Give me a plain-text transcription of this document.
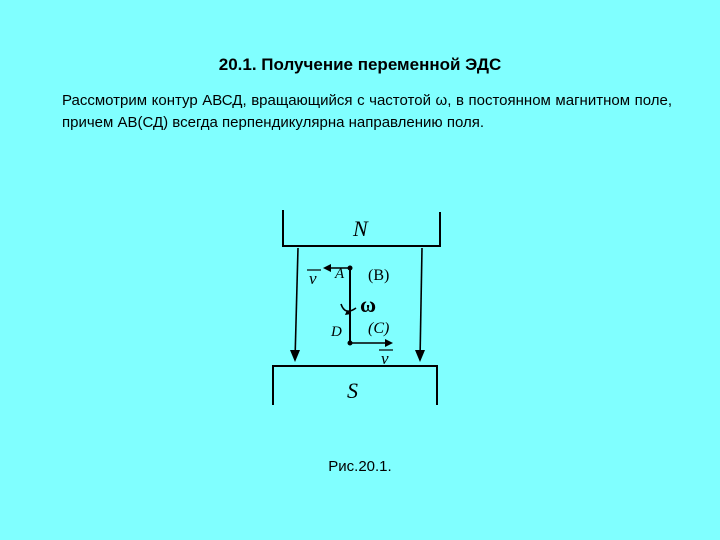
20.1. Получение переменной ЭДС
Рассмотрим контур АВСД, вращающийся с частотой ω, в постоянном магнитном поле, причем АВ(СД) всегда перпендикулярна направлению поля.
N
S
v A (B)
ω
D (C)
v
Рис.20.1.
